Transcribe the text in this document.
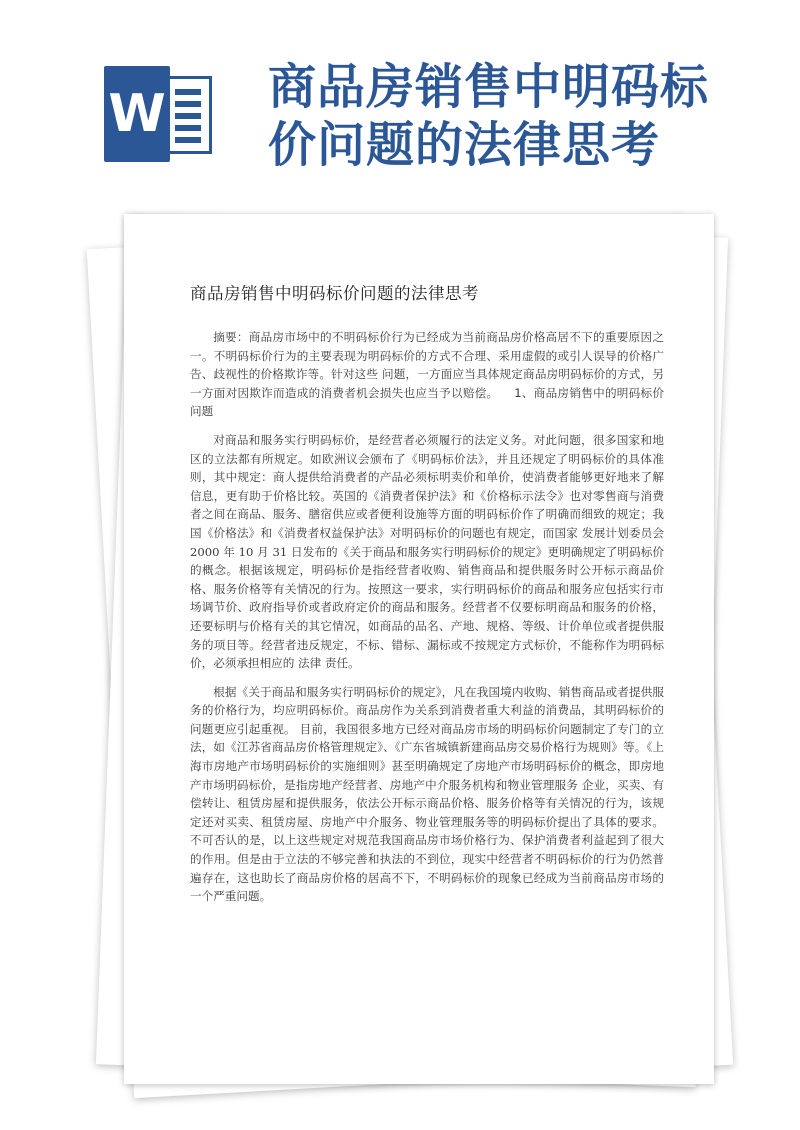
W 商品房销售中明码标价问题的法律思考
商品房销售中明码标价问题的法律思考

摘要：商品房市场中的不明码标价行为已经成为当前商品房价格高居不下的重要原因之一。不明码标价行为的主要表现为明码标价的方式不合理、采用虚假的或引人误导的价格广告、歧视性的价格欺诈等。针对这些 问题，一方面应当具体规定商品房明码标价的方式，另一方面对因欺诈而造成的消费者机会损失也应当予以赔偿。 1、商品房销售中的明码标价问题

对商品和服务实行明码标价，是经营者必须履行的法定义务。对此问题，很多国家和地区的立法都有所规定。如欧洲议会颁布了《明码标价法》，并且还规定了明码标价的具体准则，其中规定：商人提供给消费者的产品必须标明卖价和单价，使消费者能够更好地来了解信息，更有助于价格比较。英国的《消费者保护法》和《价格标示法令》也对零售商与消费者之间在商品、服务、膳宿供应或者便利设施等方面的明码标价作了明确而细致的规定；我国《价格法》和《消费者权益保护法》对明码标价的问题也有规定，而国家 发展计划委员会 2000 年 10 月 31 日发布的《关于商品和服务实行明码标价的规定》更明确规定了明码标价的概念。根据该规定，明码标价是指经营者收购、销售商品和提供服务时公开标示商品价格、服务价格等有关情况的行为。按照这一要求，实行明码标价的商品和服务应包括实行市场调节价、政府指导价或者政府定价的商品和服务。经营者不仅要标明商品和服务的价格，还要标明与价格有关的其它情况，如商品的品名、产地、规格、等级、计价单位或者提供服务的项目等。经营者违反规定，不标、错标、漏标或不按规定方式标价，不能称作为明码标价，必须承担相应的 法律 责任。

根据《关于商品和服务实行明码标价的规定》，凡在我国境内收购、销售商品或者提供服务的价格行为，均应明码标价。商品房作为关系到消费者重大利益的消费品，其明码标价的问题更应引起重视。 目前，我国很多地方已经对商品房市场的明码标价问题制定了专门的立法，如《江苏省商品房价格管理规定》、《广东省城镇新建商品房交易价格行为规则》等。《上海市房地产市场明码标价的实施细则》甚至明确规定了房地产市场明码标价的概念，即房地产市场明码标价，是指房地产经营者、房地产中介服务机构和物业管理服务 企业，买卖、有偿转让、租赁房屋和提供服务，依法公开标示商品价格、服务价格等有关情况的行为，该规定还对买卖、租赁房屋、房地产中介服务、物业管理服务等的明码标价提出了具体的要求。不可否认的是，以上这些规定对规范我国商品房市场价格行为、保护消费者利益起到了很大的作用。但是由于立法的不够完善和执法的不到位，现实中经营者不明码标价的行为仍然普遍存在，这也助长了商品房价格的居高不下，不明码标价的现象已经成为当前商品房市场的一个严重问题。
